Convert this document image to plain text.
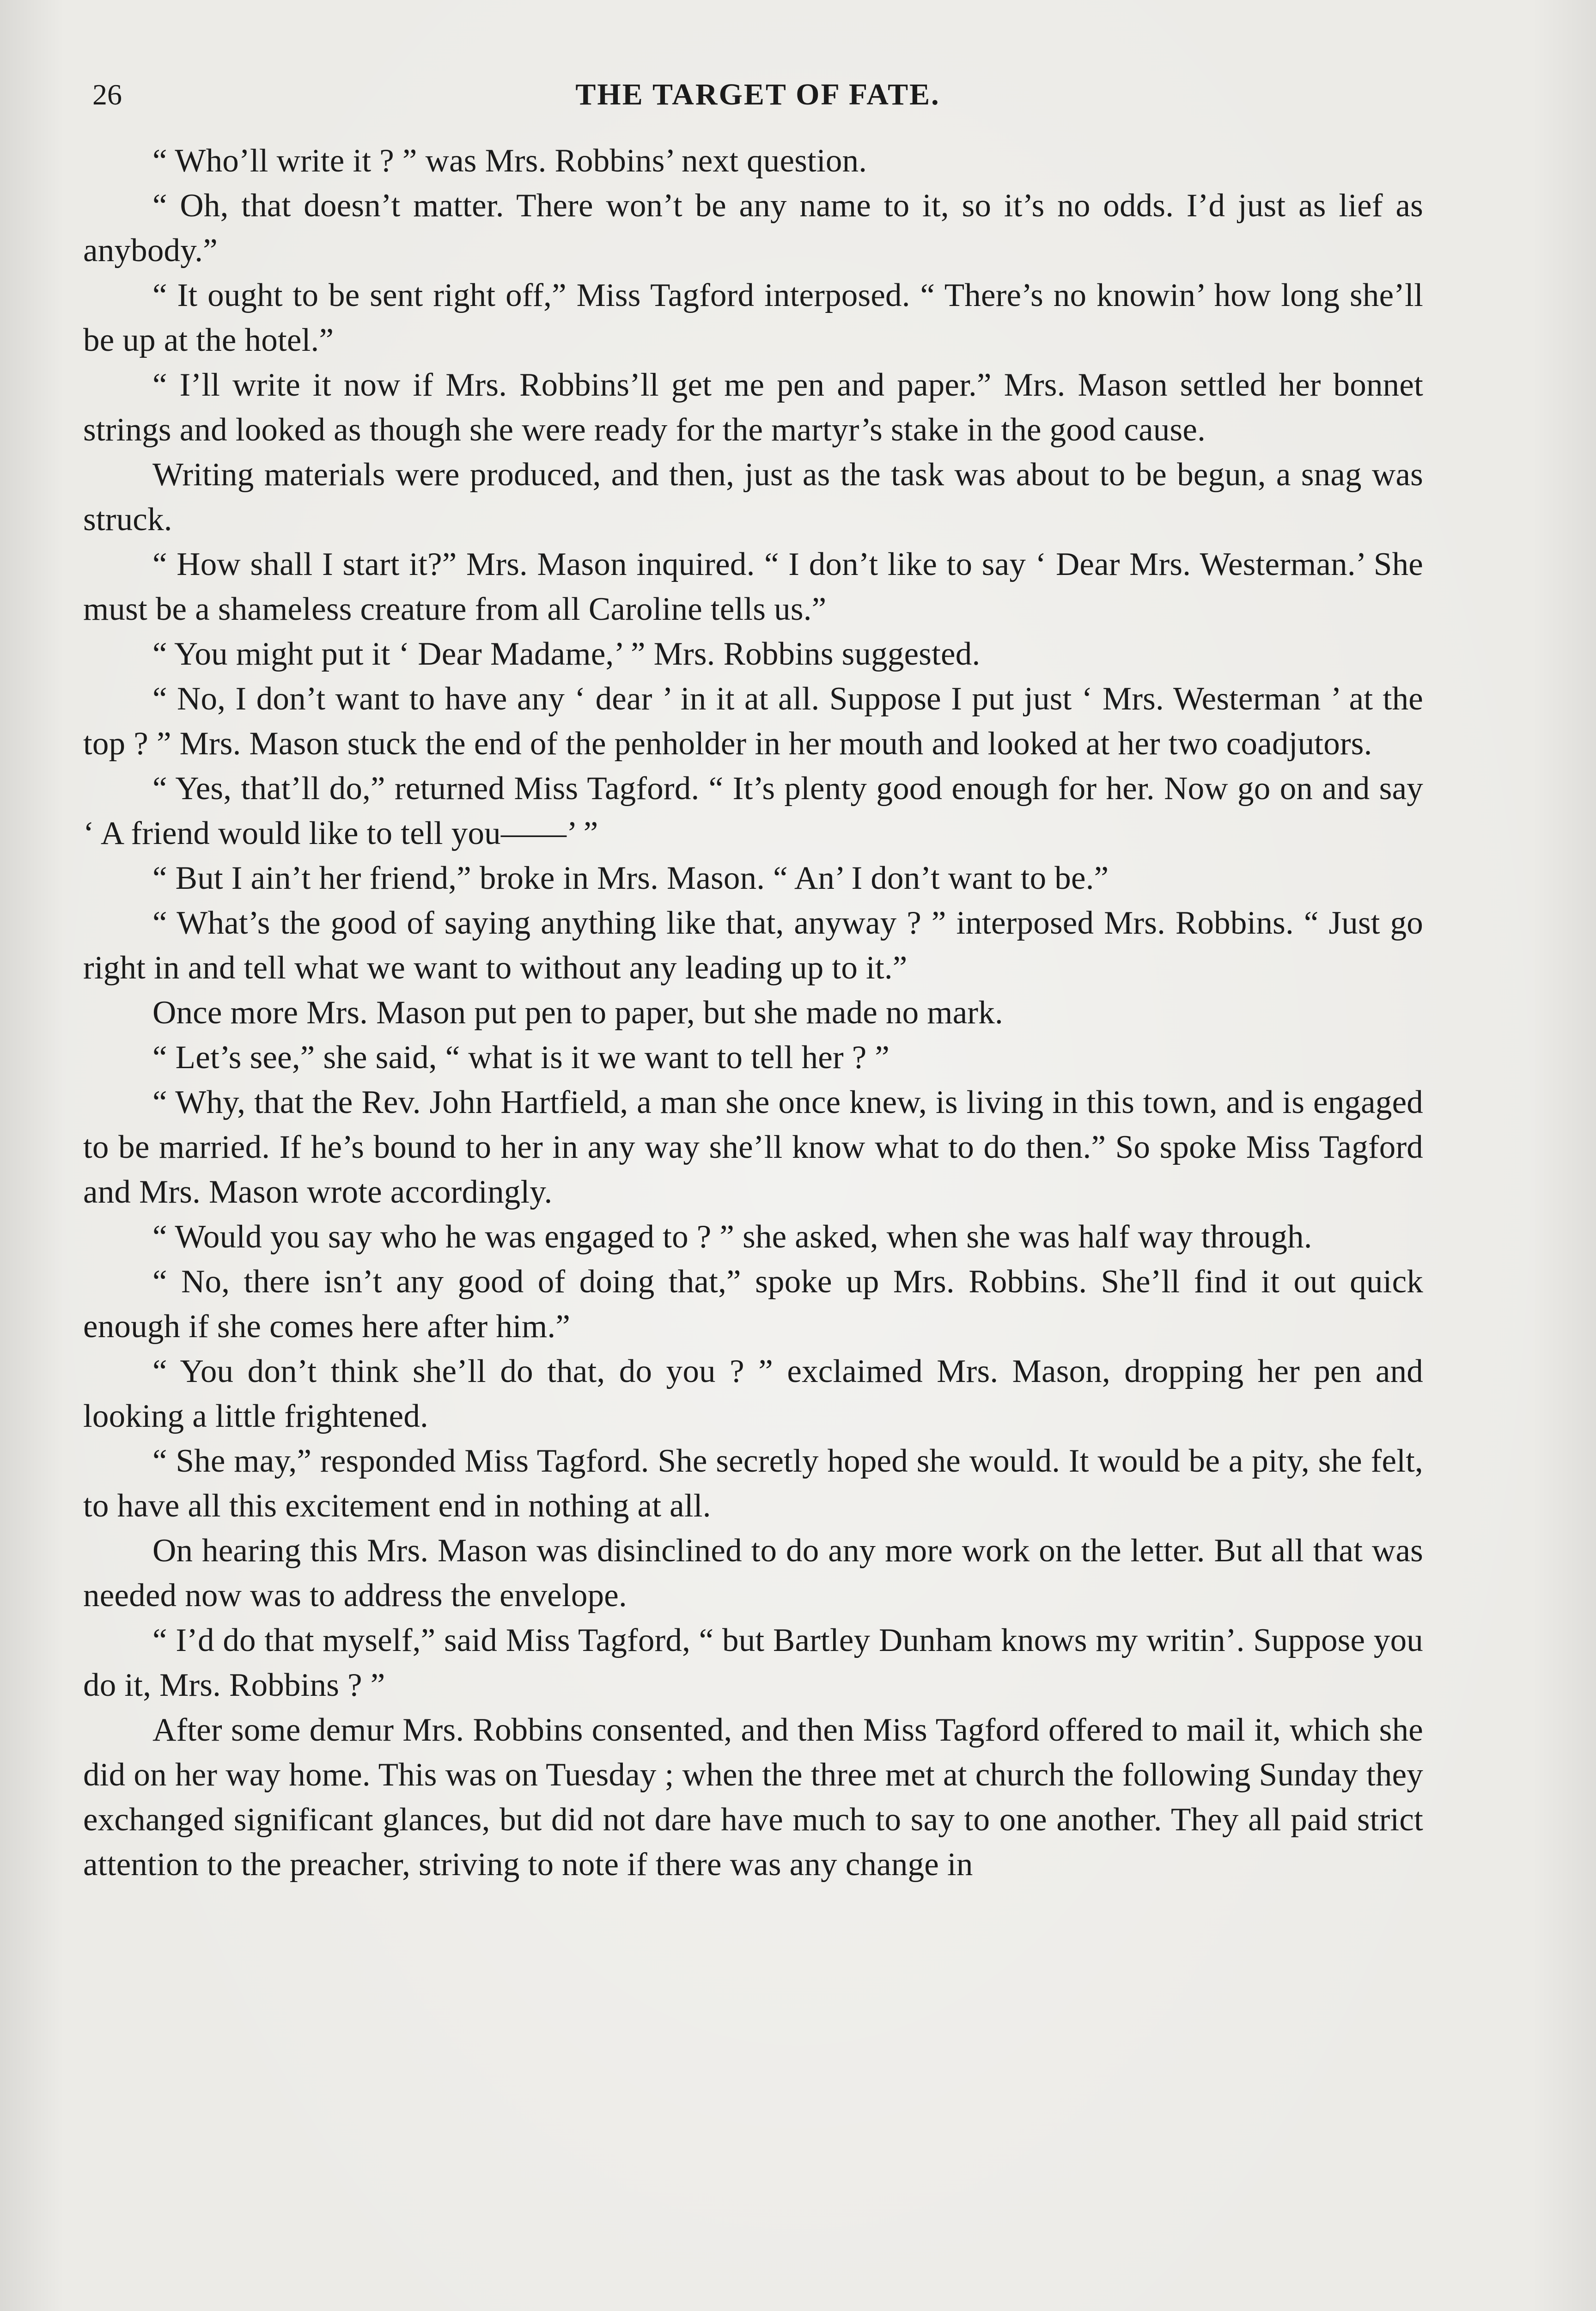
26	THE TARGET OF FATE.

“ Who’ll write it ? ” was Mrs. Robbins’ next question.

“ Oh, that doesn’t matter. There won’t be any name to it, so it’s no odds. I’d just as lief as anybody.”

“ It ought to be sent right off,” Miss Tagford interposed. “ There’s no knowin’ how long she’ll be up at the hotel.”

“ I’ll write it now if Mrs. Robbins’ll get me pen and paper.” Mrs. Mason settled her bonnet strings and looked as though she were ready for the martyr’s stake in the good cause.

Writing materials were produced, and then, just as the task was about to be begun, a snag was struck.

“ How shall I start it?” Mrs. Mason inquired. “ I don’t like to say ‘ Dear Mrs. Westerman.’ She must be a shameless creature from all Caroline tells us.”

“ You might put it ‘ Dear Madame,’ ” Mrs. Robbins suggested.

“ No, I don’t want to have any ‘ dear ’ in it at all. Suppose I put just ‘ Mrs. Westerman ’ at the top ? ” Mrs. Mason stuck the end of the penholder in her mouth and looked at her two coadjutors.

“ Yes, that’ll do,” returned Miss Tagford. “ It’s plenty good enough for her. Now go on and say ‘ A friend would like to tell you——’ ”

“ But I ain’t her friend,” broke in Mrs. Mason. “ An’ I don’t want to be.”

“ What’s the good of saying anything like that, anyway ? ” interposed Mrs. Robbins. “ Just go right in and tell what we want to without any leading up to it.”

Once more Mrs. Mason put pen to paper, but she made no mark.

“ Let’s see,” she said, “ what is it we want to tell her ? ”

“ Why, that the Rev. John Hartfield, a man she once knew, is living in this town, and is engaged to be married. If he’s bound to her in any way she’ll know what to do then.” So spoke Miss Tagford and Mrs. Mason wrote accordingly.

“ Would you say who he was engaged to ? ” she asked, when she was half way through.

“ No, there isn’t any good of doing that,” spoke up Mrs. Robbins. She’ll find it out quick enough if she comes here after him.”

“ You don’t think she’ll do that, do you ? ” exclaimed Mrs. Mason, dropping her pen and looking a little frightened.

“ She may,” responded Miss Tagford. She secretly hoped she would. It would be a pity, she felt, to have all this excitement end in nothing at all.

On hearing this Mrs. Mason was disinclined to do any more work on the letter. But all that was needed now was to address the envelope.

“ I’d do that myself,” said Miss Tagford, “ but Bartley Dunham knows my writin’. Suppose you do it, Mrs. Robbins ? ”

After some demur Mrs. Robbins consented, and then Miss Tagford offered to mail it, which she did on her way home. This was on Tuesday ; when the three met at church the following Sunday they exchanged significant glances, but did not dare have much to say to one another. They all paid strict attention to the preacher, striving to note if there was any change in
